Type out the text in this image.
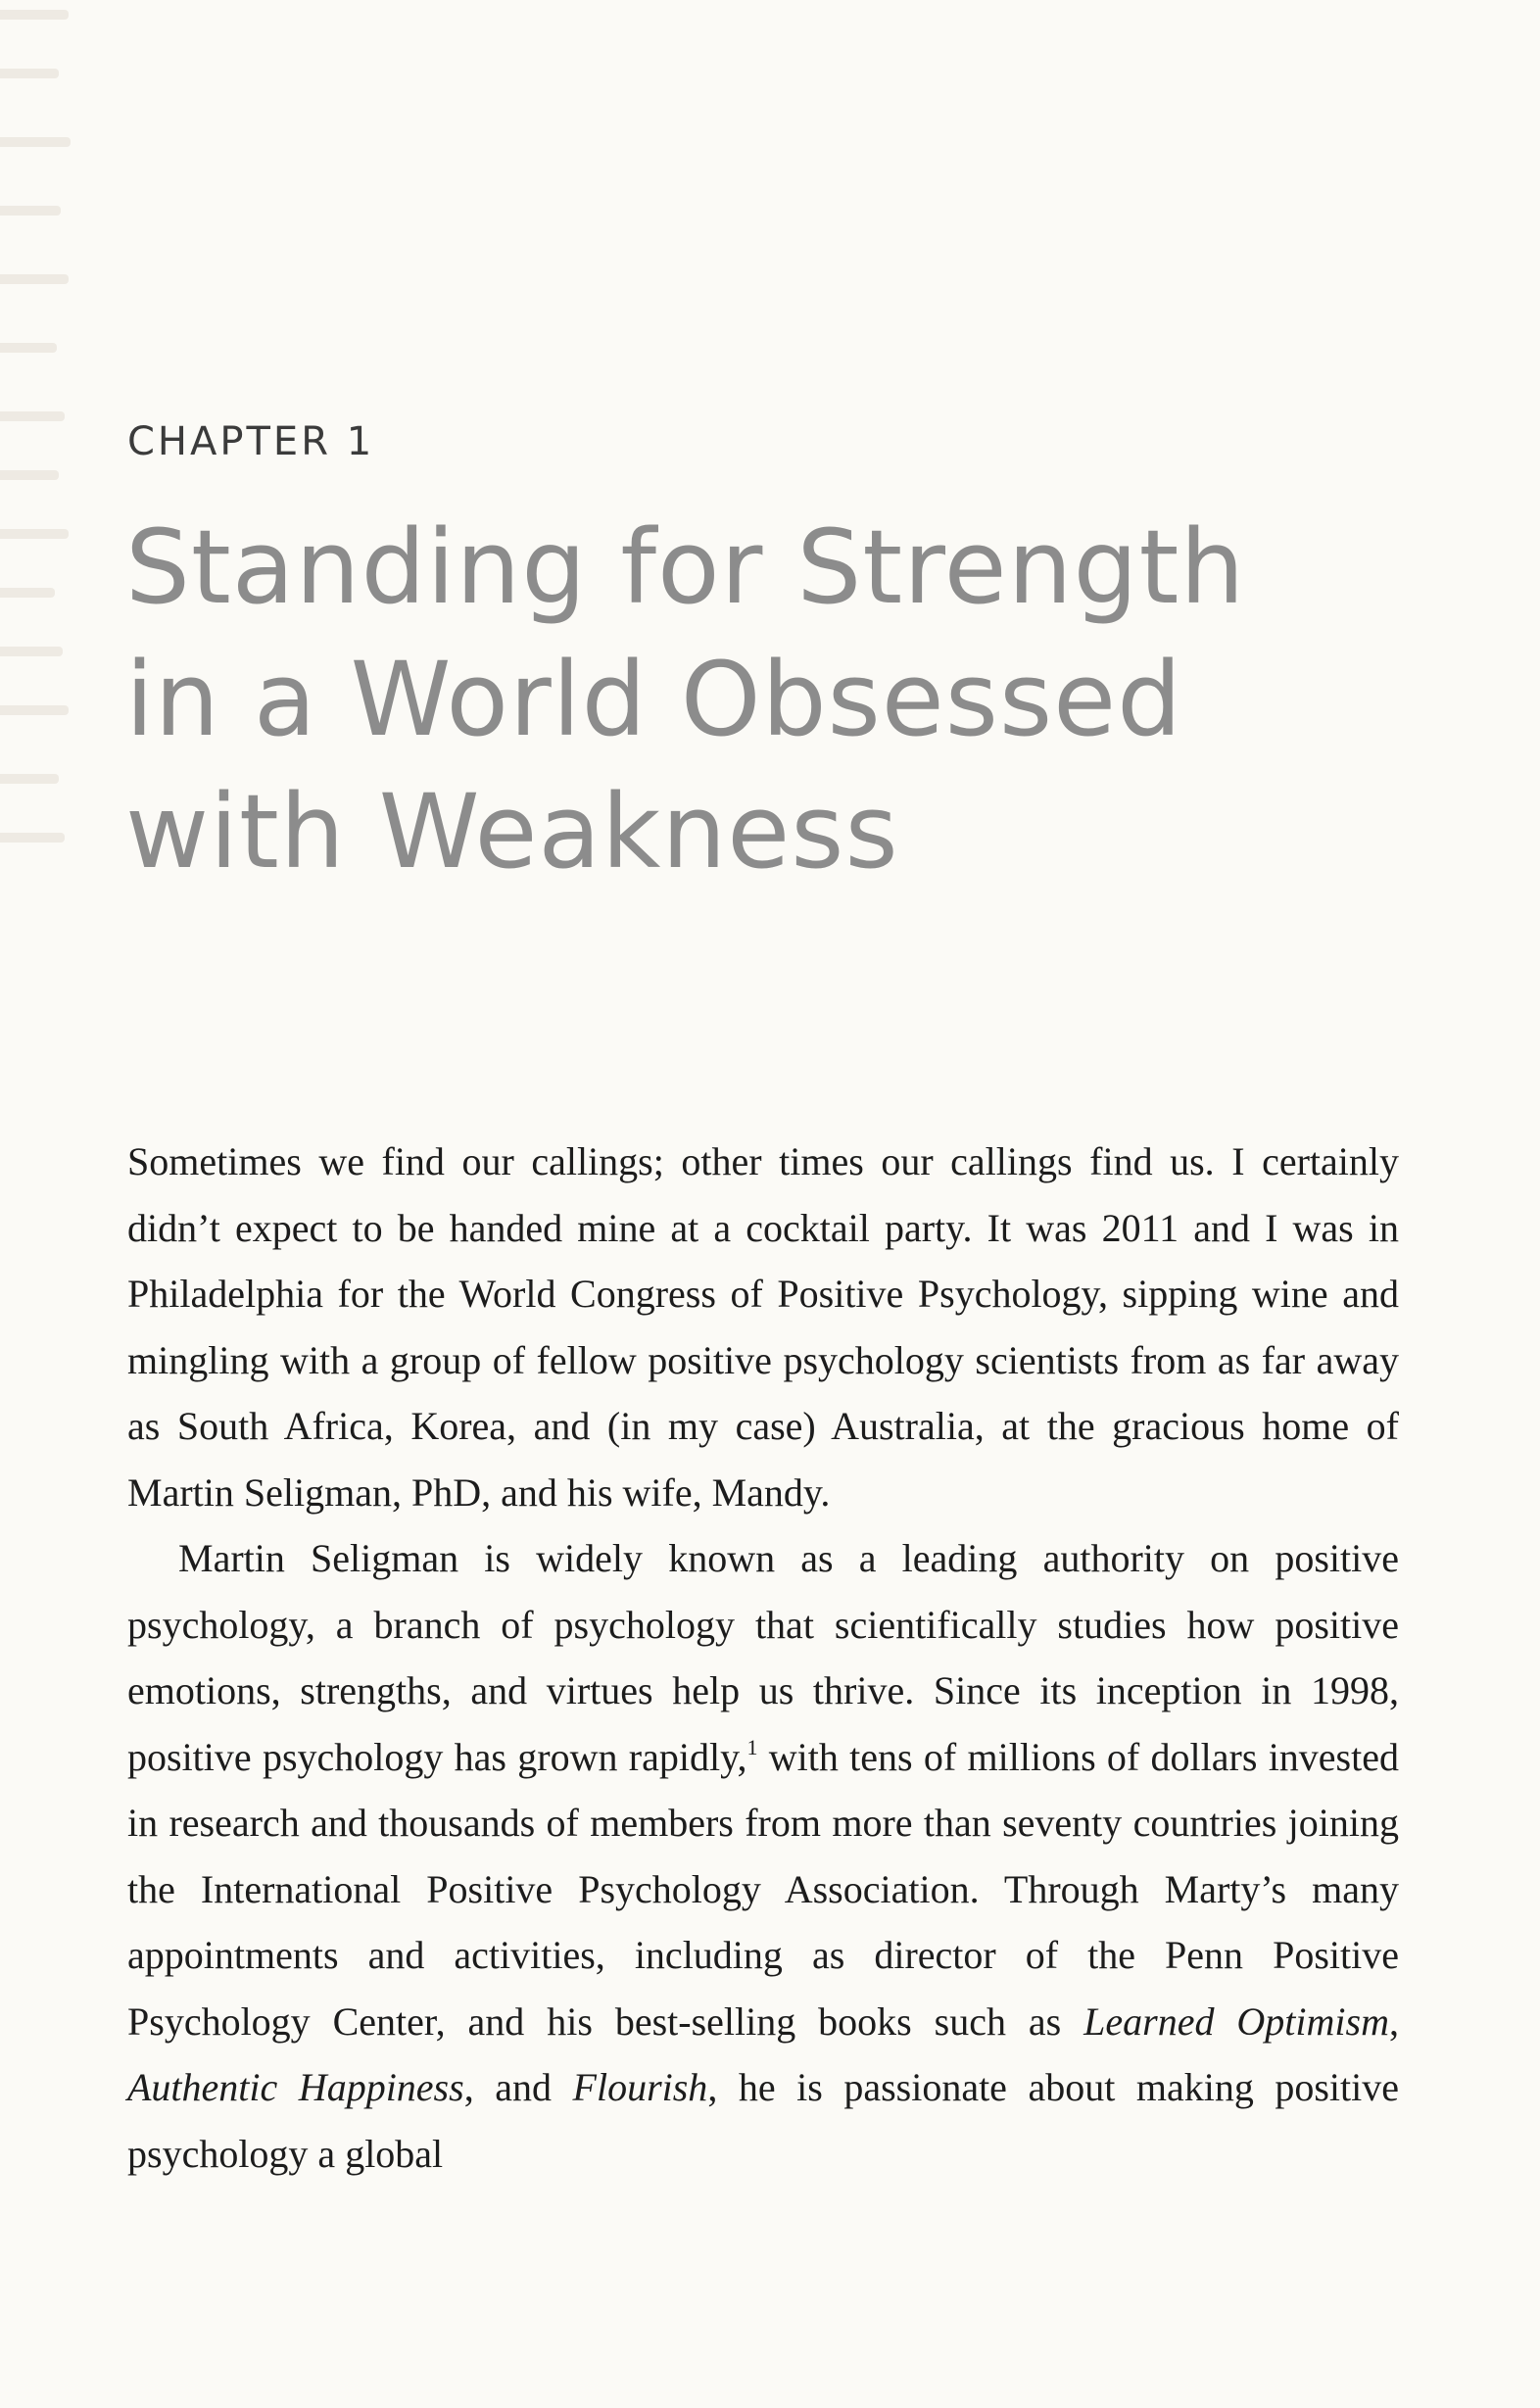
CHAPTER 1
Standing for Strength
in a World Obsessed
with Weakness

Sometimes we find our callings; other times our callings find us. I certainly didn’t expect to be handed mine at a cocktail party. It was 2011 and I was in Philadelphia for the World Congress of Positive Psychology, sipping wine and mingling with a group of fellow positive psychology scientists from as far away as South Africa, Korea, and (in my case) Australia, at the gracious home of Martin Seligman, PhD, and his wife, Mandy.

Martin Seligman is widely known as a leading authority on positive psychology, a branch of psychology that scientifically studies how positive emotions, strengths, and virtues help us thrive. Since its inception in 1998, positive psychology has grown rapidly,$^1$ with tens of millions of dollars invested in research and thousands of members from more than seventy countries joining the International Positive Psychology Association. Through Marty’s many appointments and activities, including as director of the Penn Positive Psychology Center, and his best-selling books such as Learned Optimism, Authentic Happiness, and Flourish, he is passionate about making positive psychology a global
